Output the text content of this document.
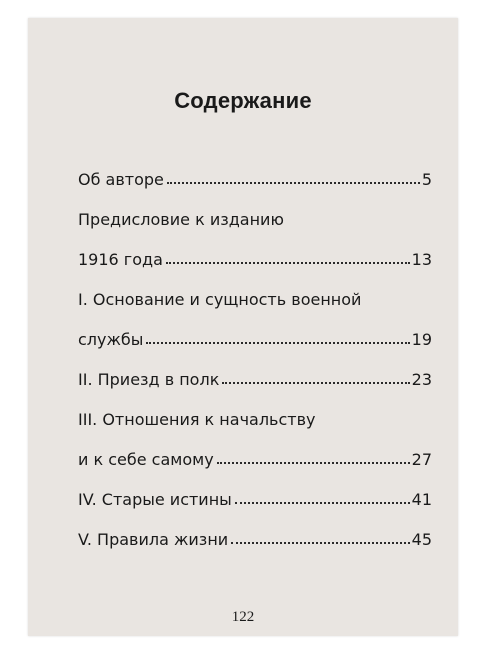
Содержание
Об авторе	5
Предисловие к изданию
1916 года	13
I. Основание и сущность военной
службы	19
II. Приезд в полк	23
III. Отношения к начальству
и к себе самому	27
IV. Старые истины	41
V. Правила жизни	45
122
